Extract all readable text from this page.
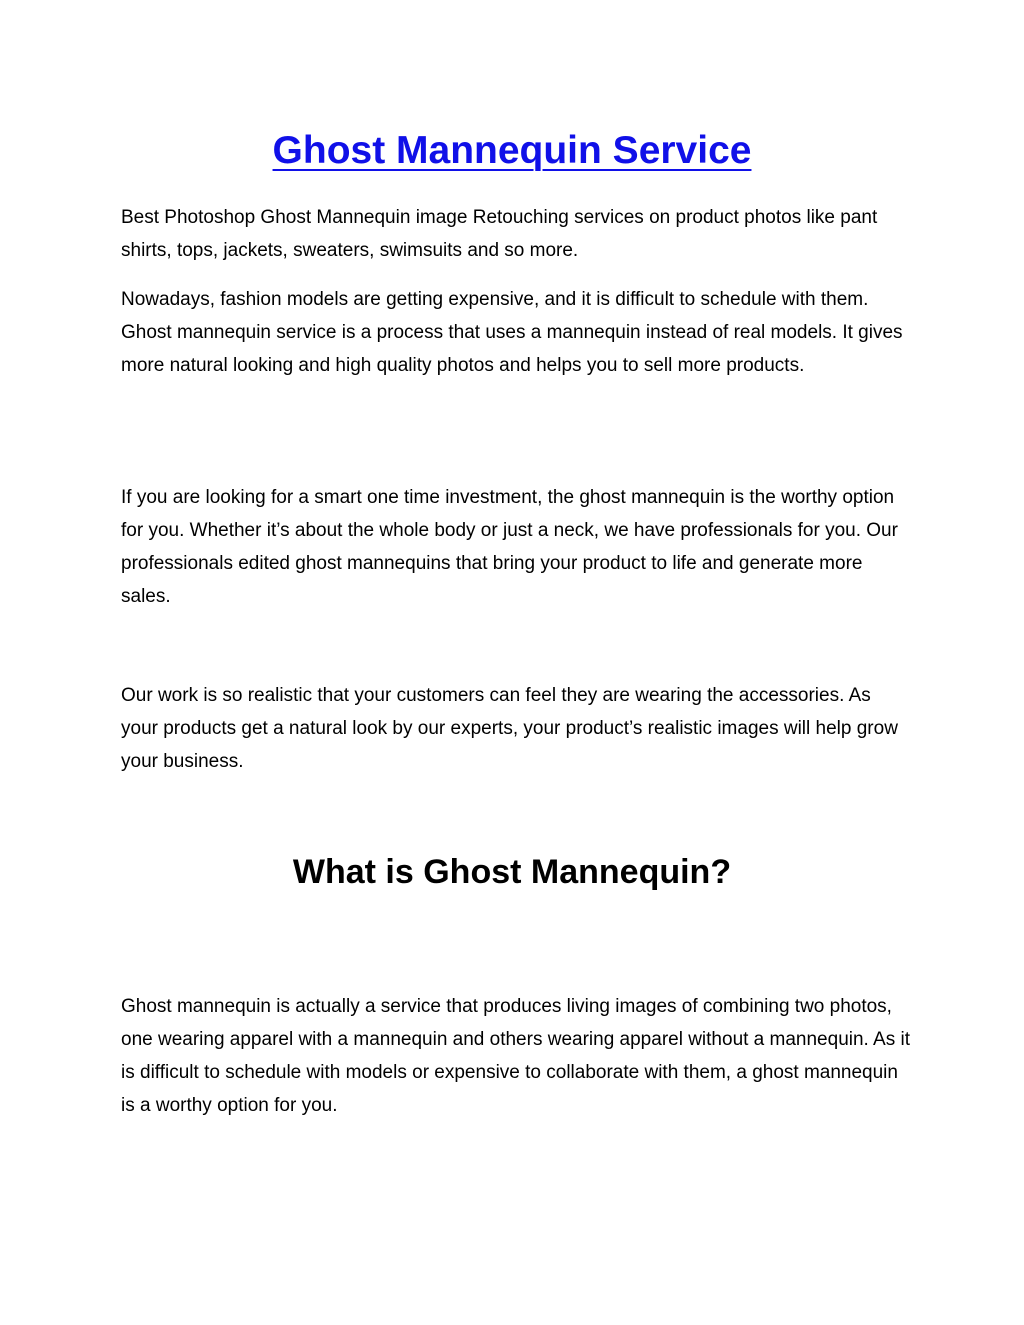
Ghost Mannequin Service

Best Photoshop Ghost Mannequin image Retouching services on product photos like pant shirts, tops, jackets, sweaters, swimsuits and so more.

Nowadays, fashion models are getting expensive, and it is difficult to schedule with them. Ghost mannequin service is a process that uses a mannequin instead of real models. It gives more natural looking and high quality photos and helps you to sell more products.

If you are looking for a smart one time investment, the ghost mannequin is the worthy option for you. Whether it’s about the whole body or just a neck, we have professionals for you. Our professionals edited ghost mannequins that bring your product to life and generate more sales.

Our work is so realistic that your customers can feel they are wearing the accessories. As your products get a natural look by our experts, your product’s realistic images will help grow your business.

What is Ghost Mannequin?

Ghost mannequin is actually a service that produces living images of combining two photos, one wearing apparel with a mannequin and others wearing apparel without a mannequin. As it is difficult to schedule with models or expensive to collaborate with them, a ghost mannequin is a worthy option for you.
